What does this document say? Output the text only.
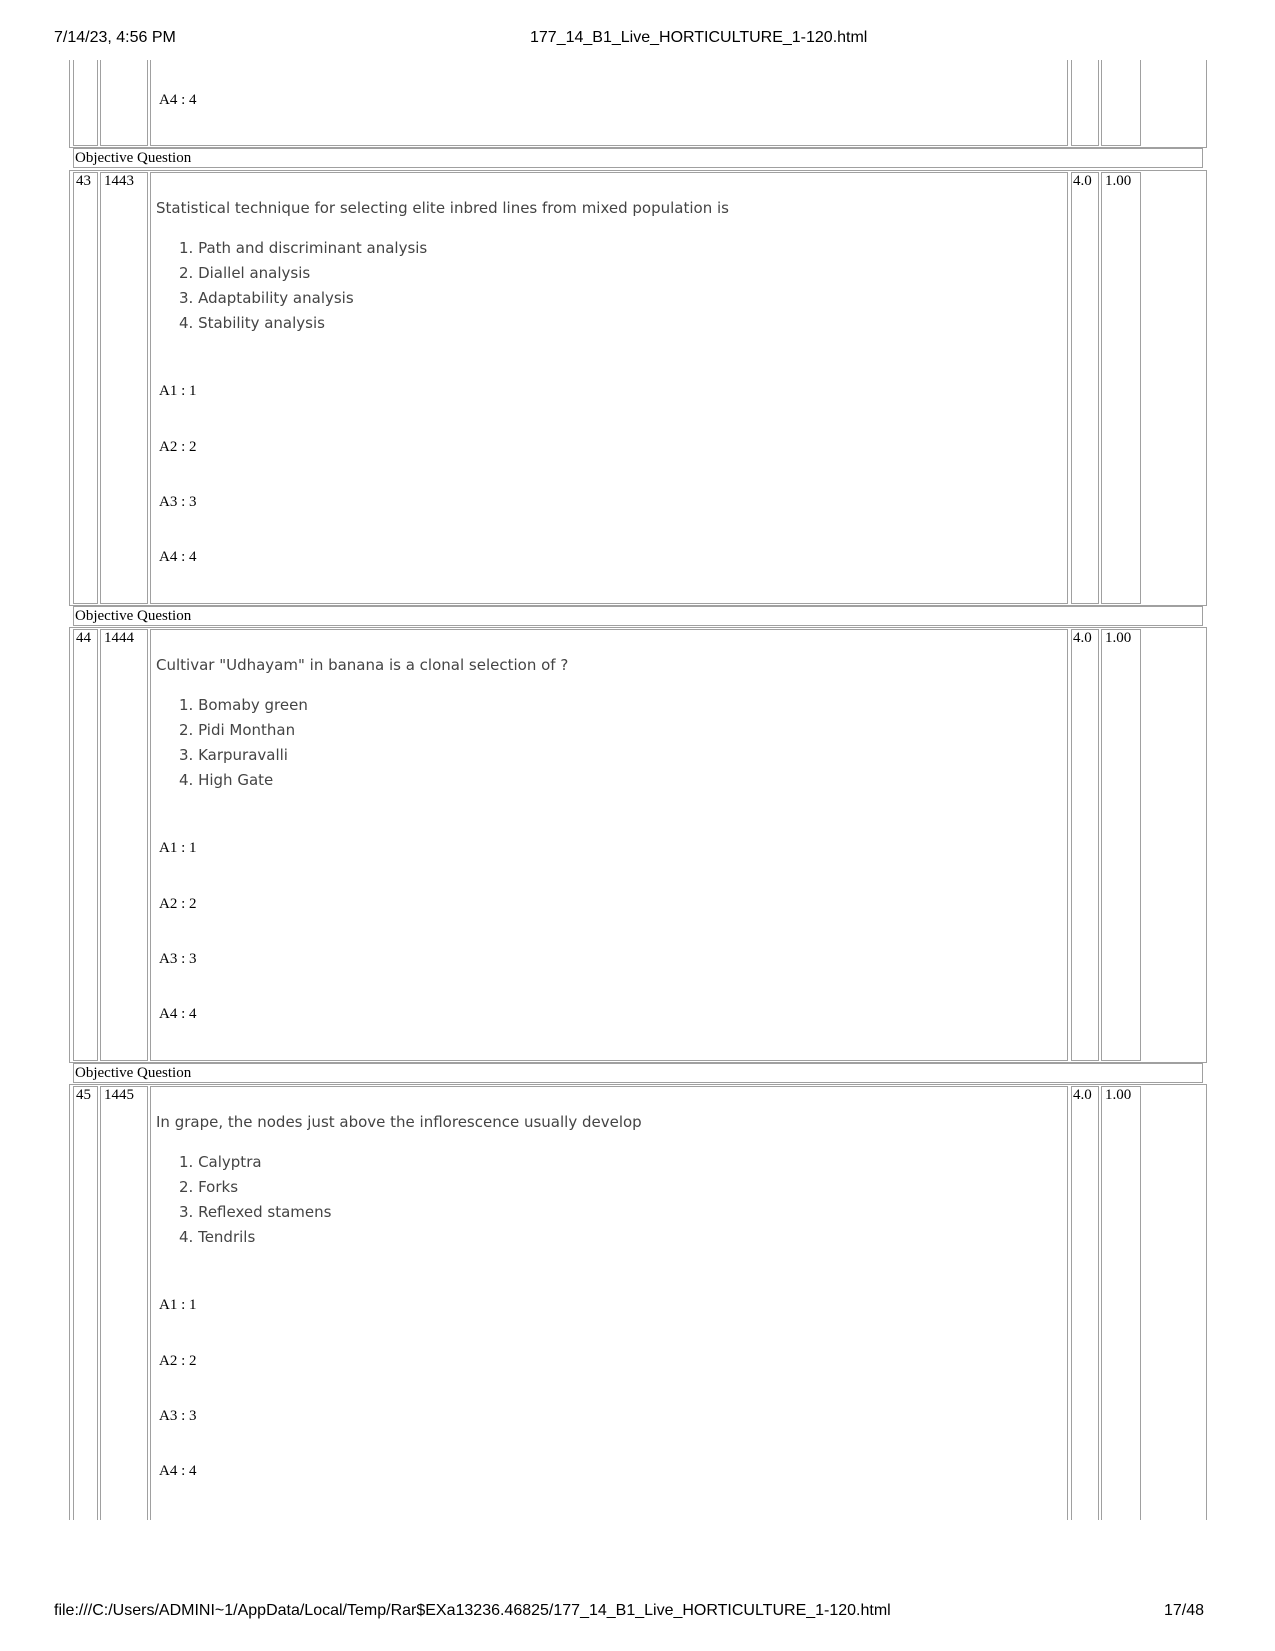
7/14/23, 4:56 PM	177_14_B1_Live_HORTICULTURE_1-120.html
A4 : 4
Objective Question
43 1443
Statistical technique for selecting elite inbred lines from mixed population is
1. Path and discriminant analysis
2. Diallel analysis
3. Adaptability analysis
4. Stability analysis
A1 : 1
A2 : 2
A3 : 3
A4 : 4
4.0 1.00
Objective Question
44 1444
Cultivar "Udhayam" in banana is a clonal selection of ?
1. Bomaby green
2. Pidi Monthan
3. Karpuravalli
4. High Gate
A1 : 1
A2 : 2
A3 : 3
A4 : 4
4.0 1.00
Objective Question
45 1445
In grape, the nodes just above the inflorescence usually develop
1. Calyptra
2. Forks
3. Reflexed stamens
4. Tendrils
A1 : 1
A2 : 2
A3 : 3
A4 : 4
4.0 1.00
file:///C:/Users/ADMINI~1/AppData/Local/Temp/Rar$EXa13236.46825/177_14_B1_Live_HORTICULTURE_1-120.html	17/48
